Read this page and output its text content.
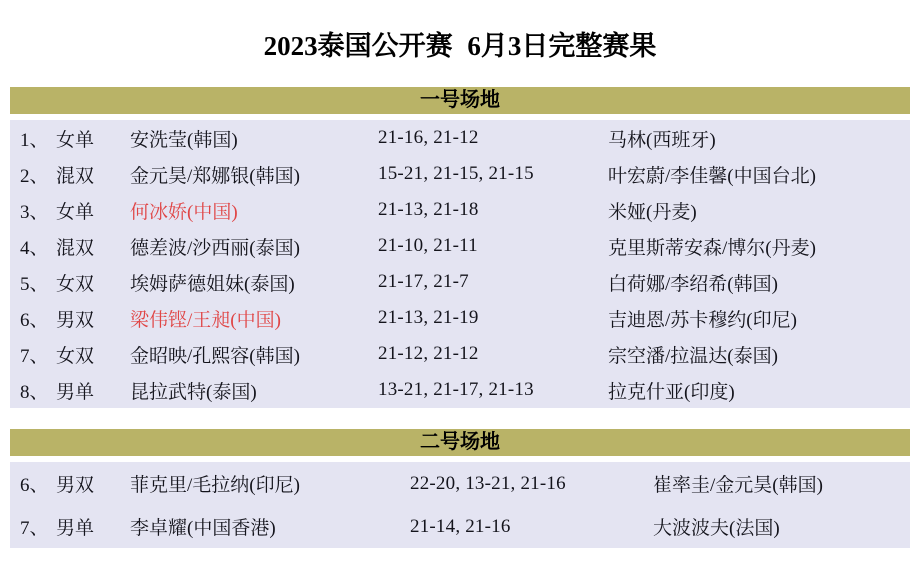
2023泰国公开赛 6月3日完整赛果
一号场地
1、 女单	安洗莹(韩国)	21-16, 21-12	马林(西班牙)
2、 混双	金元昊/郑娜银(韩国)	15-21, 21-15, 21-15	叶宏蔚/李佳馨(中国台北)
3、 女单	何冰娇(中国)	21-13, 21-18	米娅(丹麦)
4、 混双	德差波/沙西丽(泰国)	21-10, 21-11	克里斯蒂安森/博尔(丹麦)
5、 女双	埃姆萨德姐妹(泰国)	21-17, 21-7	白荷娜/李绍希(韩国)
6、 男双	梁伟铿/王昶(中国)	21-13, 21-19	吉迪恩/苏卡穆约(印尼)
7、 女双	金昭映/孔熙容(韩国)	21-12, 21-12	宗空潘/拉温达(泰国)
8、 男单	昆拉武特(泰国)	13-21, 21-17, 21-13	拉克什亚(印度)
二号场地
6、 男双	菲克里/毛拉纳(印尼)	22-20, 13-21, 21-16	崔率圭/金元昊(韩国)
7、 男单	李卓耀(中国香港)	21-14, 21-16	大波波夫(法国)
